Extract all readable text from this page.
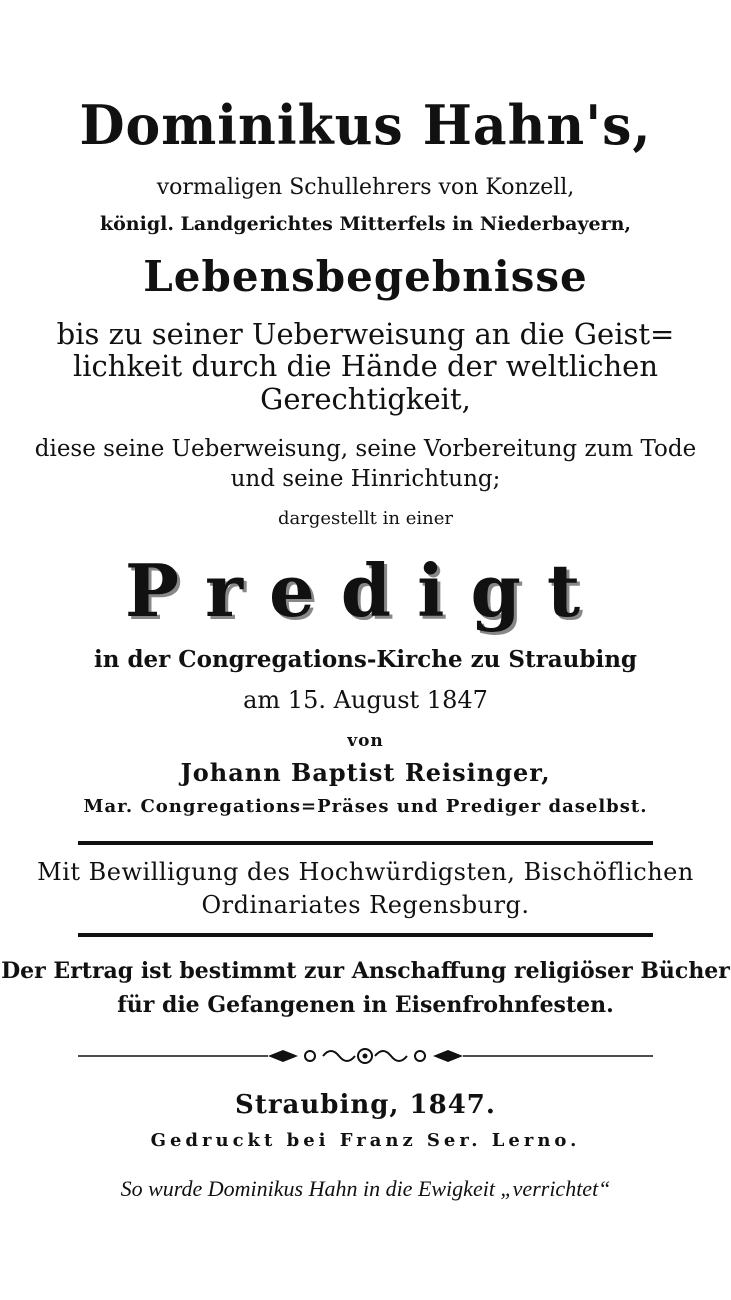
Dominikus Hahn's,
vormaligen Schullehrers von Konzell,
königl. Landgerichtes Mitterfels in Niederbayern,
Lebensbegebnisse
bis zu seiner Ueberweisung an die Geist=
lichkeit durch die Hände der weltlichen
Gerechtigkeit,
diese seine Ueberweisung, seine Vorbereitung zum Tode
und seine Hinrichtung;
dargestellt in einer
Predigt
in der Congregations-Kirche zu Straubing
am 15. August 1847
von
Johann Baptist Reisinger,
Mar. Congregations=Präses und Prediger daselbst.
Mit Bewilligung des Hochwürdigsten, Bischöflichen
Ordinariates Regensburg.
Der Ertrag ist bestimmt zur Anschaffung religiöser Bücher
für die Gefangenen in Eisenfrohnfesten.
Straubing, 1847.
Gedruckt bei Franz Ser. Lerno.
So wurde Dominikus Hahn in die Ewigkeit „verrichtet“
